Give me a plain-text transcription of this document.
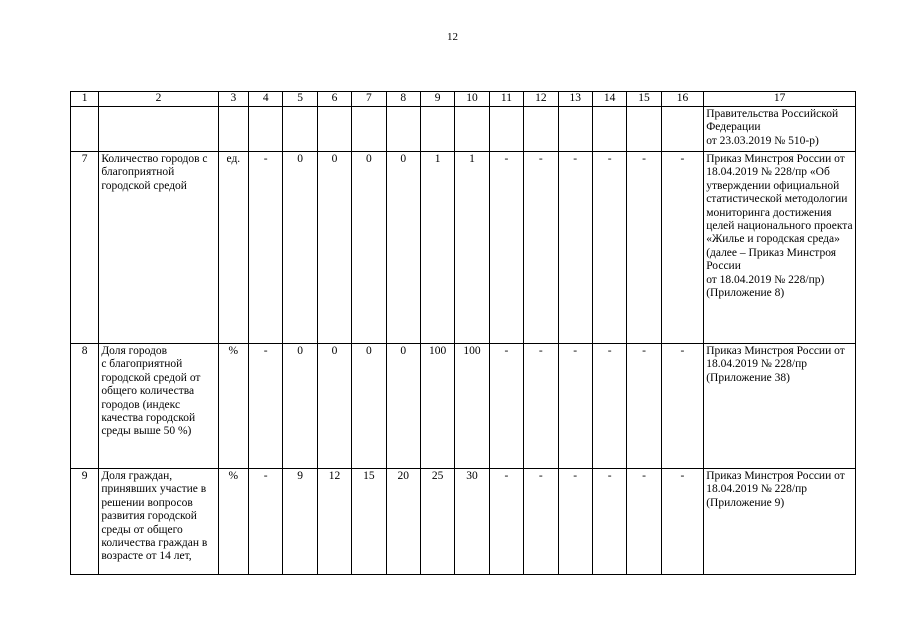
12
1	2	3	4	5	6	7	8	9	10	11	12	13	14	15	16	17
																Правительства Российской Федерации
от 23.03.2019 № 510-р)
7	Количество городов с благоприятной городской средой	ед.	-	0	0	0	0	1	1	-	-	-	-	-	-	Приказ Минстроя России от 18.04.2019 № 228/пр «Об утверждении официальной статистической методологии мониторинга достижения целей национального проекта «Жилье и городская среда» (далее – Приказ Минстроя России
от 18.04.2019 № 228/пр)
(Приложение 8)
8	Доля городов
с благоприятной городской средой от общего количества городов (индекс качества городской среды выше 50 %)	%	-	0	0	0	0	100	100	-	-	-	-	-	-	Приказ Минстроя России от 18.04.2019 № 228/пр (Приложение 38)
9	Доля граждан, принявших участие в решении вопросов развития городской среды от общего количества граждан в возрасте от 14 лет,	%	-	9	12	15	20	25	30	-	-	-	-	-	-	Приказ Минстроя России от 18.04.2019 № 228/пр (Приложение 9)
